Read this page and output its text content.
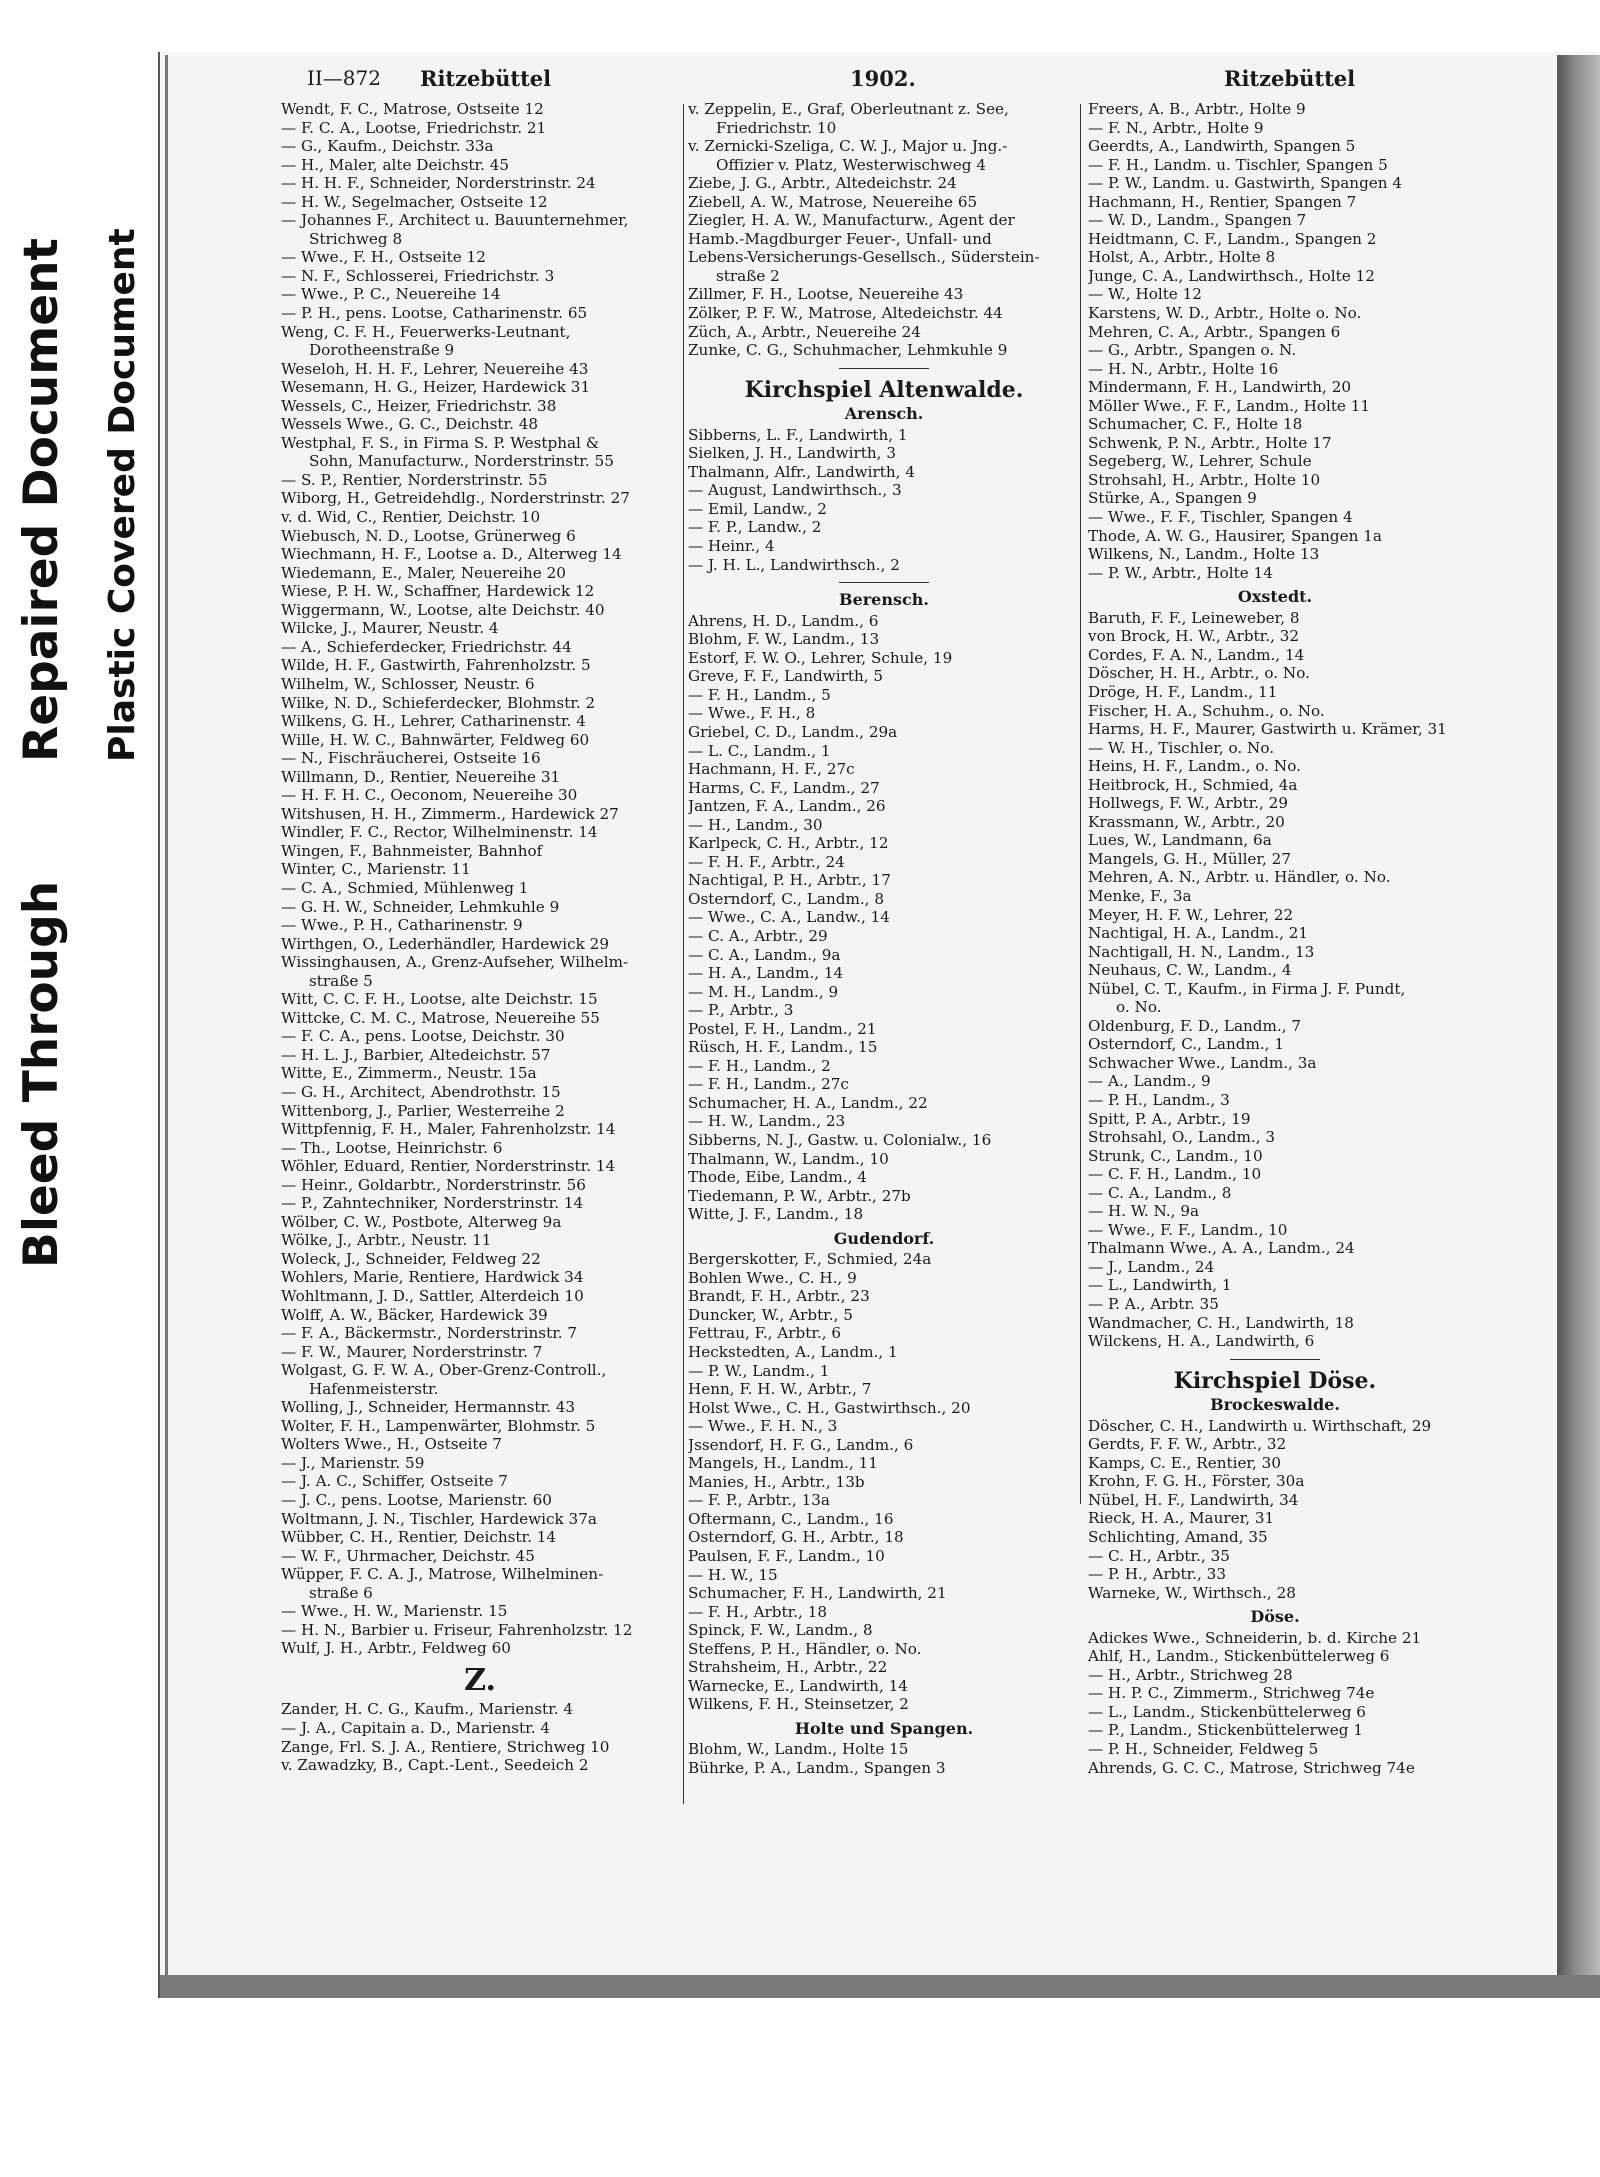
Bleed Through
Repaired Document Plastic Covered Document
II—872 Ritzebüttel	1902.	Ritzebüttel
Wendt, F. C., Matrose, Ostseite 12
— F. C. A., Lootse, Friedrichstr. 21
— G., Kaufm., Deichstr. 33a
— H., Maler, alte Deichstr. 45
— H. H. F., Schneider, Norderstrinstr. 24
— H. W., Segelmacher, Ostseite 12
— Johannes F., Architect u. Bauunternehmer,
Strichweg 8
— Wwe., F. H., Ostseite 12
— N. F., Schlosserei, Friedrichstr. 3
— Wwe., P. C., Neuereihe 14
— P. H., pens. Lootse, Catharinenstr. 65
Weng, C. F. H., Feuerwerks-Leutnant,
Dorotheenstraße 9
Weseloh, H. H. F., Lehrer, Neuereihe 43
Wesemann, H. G., Heizer, Hardewick 31
Wessels, C., Heizer, Friedrichstr. 38
Wessels Wwe., G. C., Deichstr. 48
Westphal, F. S., in Firma S. P. Westphal &
Sohn, Manufacturw., Norderstrinstr. 55
— S. P., Rentier, Norderstrinstr. 55
Wiborg, H., Getreidehdlg., Norderstrinstr. 27
v. d. Wid, C., Rentier, Deichstr. 10
Wiebusch, N. D., Lootse, Grünerweg 6
Wiechmann, H. F., Lootse a. D., Alterweg 14
Wiedemann, E., Maler, Neuereihe 20
Wiese, P. H. W., Schaffner, Hardewick 12
Wiggermann, W., Lootse, alte Deichstr. 40
Wilcke, J., Maurer, Neustr. 4
— A., Schieferdecker, Friedrichstr. 44
Wilde, H. F., Gastwirth, Fahrenholzstr. 5
Wilhelm, W., Schlosser, Neustr. 6
Wilke, N. D., Schieferdecker, Blohmstr. 2
Wilkens, G. H., Lehrer, Catharinenstr. 4
Wille, H. W. C., Bahnwärter, Feldweg 60
— N., Fischräucherei, Ostseite 16
Willmann, D., Rentier, Neuereihe 31
— H. F. H. C., Oeconom, Neuereihe 30
Witshusen, H. H., Zimmerm., Hardewick 27
Windler, F. C., Rector, Wilhelminenstr. 14
Wingen, F., Bahnmeister, Bahnhof
Winter, C., Marienstr. 11
— C. A., Schmied, Mühlenweg 1
— G. H. W., Schneider, Lehmkuhle 9
— Wwe., P. H., Catharinenstr. 9
Wirthgen, O., Lederhändler, Hardewick 29
Wissinghausen, A., Grenz-Aufseher, Wilhelm-
straße 5
Witt, C. C. F. H., Lootse, alte Deichstr. 15
Wittcke, C. M. C., Matrose, Neuereihe 55
— F. C. A., pens. Lootse, Deichstr. 30
— H. L. J., Barbier, Altedeichstr. 57
Witte, E., Zimmerm., Neustr. 15a
— G. H., Architect, Abendrothstr. 15
Wittenborg, J., Parlier, Westerreihe 2
Wittpfennig, F. H., Maler, Fahrenholzstr. 14
— Th., Lootse, Heinrichstr. 6
Wöhler, Eduard, Rentier, Norderstrinstr. 14
— Heinr., Goldarbtr., Norderstrinstr. 56
— P., Zahntechniker, Norderstrinstr. 14
Wölber, C. W., Postbote, Alterweg 9a
Wölke, J., Arbtr., Neustr. 11
Woleck, J., Schneider, Feldweg 22
Wohlers, Marie, Rentiere, Hardwick 34
Wohltmann, J. D., Sattler, Alterdeich 10
Wolff, A. W., Bäcker, Hardewick 39
— F. A., Bäckermstr., Norderstrinstr. 7
— F. W., Maurer, Norderstrinstr. 7
Wolgast, G. F. W. A., Ober-Grenz-Controll.,
Hafenmeisterstr.
Wolling, J., Schneider, Hermannstr. 43
Wolter, F. H., Lampenwärter, Blohmstr. 5
Wolters Wwe., H., Ostseite 7
— J., Marienstr. 59
— J. A. C., Schiffer, Ostseite 7
— J. C., pens. Lootse, Marienstr. 60
Woltmann, J. N., Tischler, Hardewick 37a
Wübber, C. H., Rentier, Deichstr. 14
— W. F., Uhrmacher, Deichstr. 45
Wüpper, F. C. A. J., Matrose, Wilhelminen-
straße 6
— Wwe., H. W., Marienstr. 15
— H. N., Barbier u. Friseur, Fahrenholzstr. 12
Wulf, J. H., Arbtr., Feldweg 60
Z.
Zander, H. C. G., Kaufm., Marienstr. 4
— J. A., Capitain a. D., Marienstr. 4
Zange, Frl. S. J. A., Rentiere, Strichweg 10
v. Zawadzky, B., Capt.-Lent., Seedeich 2
v. Zeppelin, E., Graf, Oberleutnant z. See,
Friedrichstr. 10
v. Zernicki-Szeliga, C. W. J., Major u. Jng.-
Offizier v. Platz, Westerwischweg 4
Ziebe, J. G., Arbtr., Altedeichstr. 24
Ziebell, A. W., Matrose, Neuereihe 65
Ziegler, H. A. W., Manufacturw., Agent der
Hamb.-Magdburger Feuer-, Unfall- und
Lebens-Versicherungs-Gesellsch., Süderstein-
straße 2
Zillmer, F. H., Lootse, Neuereihe 43
Zölker, P. F. W., Matrose, Altedeichstr. 44
Züch, A., Arbtr., Neuereihe 24
Zunke, C. G., Schuhmacher, Lehmkuhle 9
Kirchspiel Altenwalde.
Arensch.
Sibberns, L. F., Landwirth, 1
Sielken, J. H., Landwirth, 3
Thalmann, Alfr., Landwirth, 4
— August, Landwirthsch., 3
— Emil, Landw., 2
— F. P., Landw., 2
— Heinr., 4
— J. H. L., Landwirthsch., 2
Berensch.
Ahrens, H. D., Landm., 6
Blohm, F. W., Landm., 13
Estorf, F. W. O., Lehrer, Schule, 19
Greve, F. F., Landwirth, 5
— F. H., Landm., 5
— Wwe., F. H., 8
Griebel, C. D., Landm., 29a
— L. C., Landm., 1
Hachmann, H. F., 27c
Harms, C. F., Landm., 27
Jantzen, F. A., Landm., 26
— H., Landm., 30
Karlpeck, C. H., Arbtr., 12
— F. H. F., Arbtr., 24
Nachtigal, P. H., Arbtr., 17
Osterndorf, C., Landm., 8
— Wwe., C. A., Landw., 14
— C. A., Arbtr., 29
— C. A., Landm., 9a
— H. A., Landm., 14
— M. H., Landm., 9
— P., Arbtr., 3
Postel, F. H., Landm., 21
Rüsch, H. F., Landm., 15
— F. H., Landm., 2
— F. H., Landm., 27c
Schumacher, H. A., Landm., 22
— H. W., Landm., 23
Sibberns, N. J., Gastw. u. Colonialw., 16
Thalmann, W., Landm., 10
Thode, Eibe, Landm., 4
Tiedemann, P. W., Arbtr., 27b
Witte, J. F., Landm., 18
Gudendorf.
Bergerskotter, F., Schmied, 24a
Bohlen Wwe., C. H., 9
Brandt, F. H., Arbtr., 23
Duncker, W., Arbtr., 5
Fettrau, F., Arbtr., 6
Heckstedten, A., Landm., 1
— P. W., Landm., 1
Henn, F. H. W., Arbtr., 7
Holst Wwe., C. H., Gastwirthsch., 20
— Wwe., F. H. N., 3
Jssendorf, H. F. G., Landm., 6
Mangels, H., Landm., 11
Manies, H., Arbtr., 13b
— F. P., Arbtr., 13a
Oftermann, C., Landm., 16
Osterndorf, G. H., Arbtr., 18
Paulsen, F. F., Landm., 10
— H. W., 15
Schumacher, F. H., Landwirth, 21
— F. H., Arbtr., 18
Spinck, F. W., Landm., 8
Steffens, P. H., Händler, o. No.
Strahsheim, H., Arbtr., 22
Warnecke, E., Landwirth, 14
Wilkens, F. H., Steinsetzer, 2
Holte und Spangen.
Blohm, W., Landm., Holte 15
Bührke, P. A., Landm., Spangen 3
Freers, A. B., Arbtr., Holte 9
— F. N., Arbtr., Holte 9
Geerdts, A., Landwirth, Spangen 5
— F. H., Landm. u. Tischler, Spangen 5
— P. W., Landm. u. Gastwirth, Spangen 4
Hachmann, H., Rentier, Spangen 7
— W. D., Landm., Spangen 7
Heidtmann, C. F., Landm., Spangen 2
Holst, A., Arbtr., Holte 8
Junge, C. A., Landwirthsch., Holte 12
— W., Holte 12
Karstens, W. D., Arbtr., Holte o. No.
Mehren, C. A., Arbtr., Spangen 6
— G., Arbtr., Spangen o. N.
— H. N., Arbtr., Holte 16
Mindermann, F. H., Landwirth, 20
Möller Wwe., F. F., Landm., Holte 11
Schumacher, C. F., Holte 18
Schwenk, P. N., Arbtr., Holte 17
Segeberg, W., Lehrer, Schule
Strohsahl, H., Arbtr., Holte 10
Stürke, A., Spangen 9
— Wwe., F. F., Tischler, Spangen 4
Thode, A. W. G., Hausirer, Spangen 1a
Wilkens, N., Landm., Holte 13
— P. W., Arbtr., Holte 14
Oxstedt.
Baruth, F. F., Leineweber, 8
von Brock, H. W., Arbtr., 32
Cordes, F. A. N., Landm., 14
Döscher, H. H., Arbtr., o. No.
Dröge, H. F., Landm., 11
Fischer, H. A., Schuhm., o. No.
Harms, H. F., Maurer, Gastwirth u. Krämer, 31
— W. H., Tischler, o. No.
Heins, H. F., Landm., o. No.
Heitbrock, H., Schmied, 4a
Hollwegs, F. W., Arbtr., 29
Krassmann, W., Arbtr., 20
Lues, W., Landmann, 6a
Mangels, G. H., Müller, 27
Mehren, A. N., Arbtr. u. Händler, o. No.
Menke, F., 3a
Meyer, H. F. W., Lehrer, 22
Nachtigal, H. A., Landm., 21
Nachtigall, H. N., Landm., 13
Neuhaus, C. W., Landm., 4
Nübel, C. T., Kaufm., in Firma J. F. Pundt,
o. No.
Oldenburg, F. D., Landm., 7
Osterndorf, C., Landm., 1
Schwacher Wwe., Landm., 3a
— A., Landm., 9
— P. H., Landm., 3
Spitt, P. A., Arbtr., 19
Strohsahl, O., Landm., 3
Strunk, C., Landm., 10
— C. F. H., Landm., 10
— C. A., Landm., 8
— H. W. N., 9a
— Wwe., F. F., Landm., 10
Thalmann Wwe., A. A., Landm., 24
— J., Landm., 24
— L., Landwirth, 1
— P. A., Arbtr. 35
Wandmacher, C. H., Landwirth, 18
Wilckens, H. A., Landwirth, 6
Kirchspiel Döse.
Brockeswalde.
Döscher, C. H., Landwirth u. Wirthschaft, 29
Gerdts, F. F. W., Arbtr., 32
Kamps, C. E., Rentier, 30
Krohn, F. G. H., Förster, 30a
Nübel, H. F., Landwirth, 34
Rieck, H. A., Maurer, 31
Schlichting, Amand, 35
— C. H., Arbtr., 35
— P. H., Arbtr., 33
Warneke, W., Wirthsch., 28
Döse.
Adickes Wwe., Schneiderin, b. d. Kirche 21
Ahlf, H., Landm., Stickenbüttelerweg 6
— H., Arbtr., Strichweg 28
— H. P. C., Zimmerm., Strichweg 74e
— L., Landm., Stickenbüttelerweg 6
— P., Landm., Stickenbüttelerweg 1
— P. H., Schneider, Feldweg 5
Ahrends, G. C. C., Matrose, Strichweg 74e
